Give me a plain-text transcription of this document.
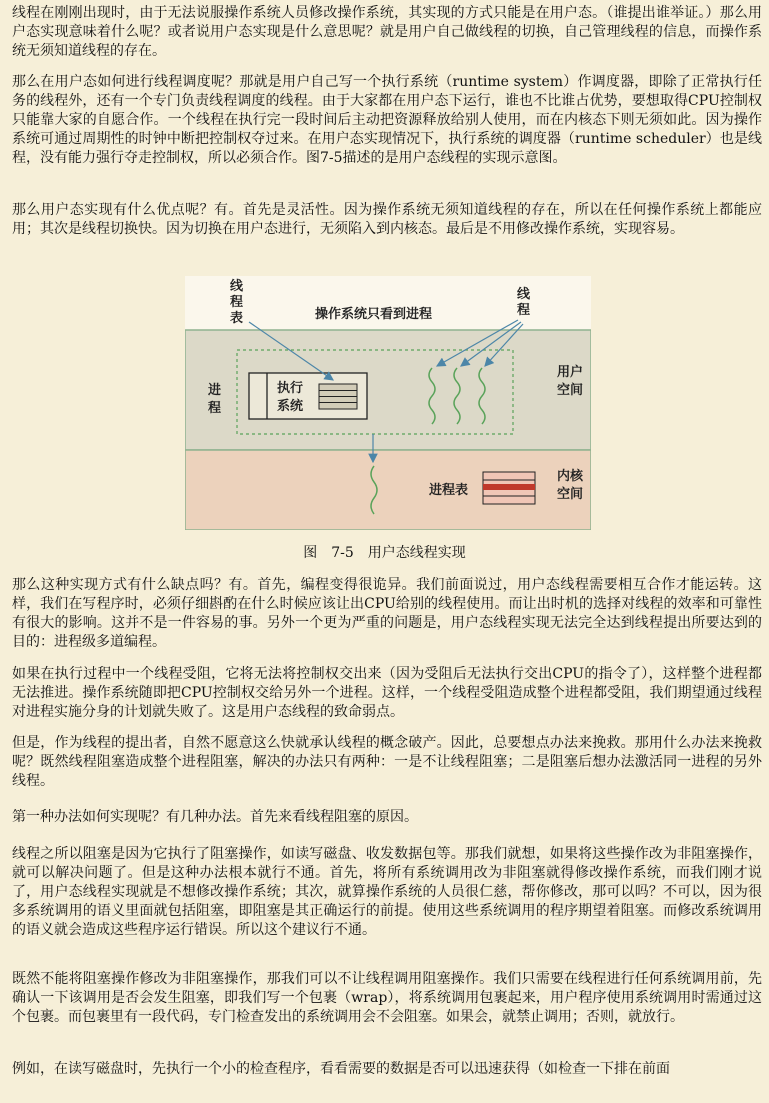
线程在刚刚出现时，由于无法说服操作系统人员修改操作系统，其实现的方式只能是在用户态。（谁提出谁举证。）那么用户态实现意味着什么呢？或者说用户态实现是什么意思呢？就是用户自己做线程的切换，自己管理线程的信息，而操作系统无须知道线程的存在。

那么在用户态如何进行线程调度呢？那就是用户自己写一个执行系统（runtime system）作调度器，即除了正常执行任务的线程外，还有一个专门负责线程调度的线程。由于大家都在用户态下运行，谁也不比谁占优势，要想取得CPU控制权只能靠大家的自愿合作。一个线程在执行完一段时间后主动把资源释放给别人使用，而在内核态下则无须如此。因为操作系统可通过周期性的时钟中断把控制权夺过来。在用户态实现情况下，执行系统的调度器（runtime scheduler）也是线程，没有能力强行夺走控制权，所以必须合作。图7-5描述的是用户态线程的实现示意图。

那么用户态实现有什么优点呢？有。首先是灵活性。因为操作系统无须知道线程的存在，所以在任何操作系统上都能应用；其次是线程切换快。因为切换在用户态进行，无须陷入到内核态。最后是不用修改操作系统，实现容易。

线程表
线程
操作系统只看到进程
进程
执行系统
用户空间
进程表
内核空间
图　7-5　用户态线程实现

那么这种实现方式有什么缺点吗？有。首先，编程变得很诡异。我们前面说过，用户态线程需要相互合作才能运转。这样，我们在写程序时，必须仔细斟酌在什么时候应该让出CPU给别的线程使用。而让出时机的选择对线程的效率和可靠性有很大的影响。这并不是一件容易的事。另外一个更为严重的问题是，用户态线程实现无法完全达到线程提出所要达到的目的：进程级多道编程。

如果在执行过程中一个线程受阻，它将无法将控制权交出来（因为受阻后无法执行交出CPU的指令了），这样整个进程都无法推进。操作系统随即把CPU控制权交给另外一个进程。这样，一个线程受阻造成整个进程都受阻，我们期望通过线程对进程实施分身的计划就失败了。这是用户态线程的致命弱点。

但是，作为线程的提出者，自然不愿意这么快就承认线程的概念破产。因此，总要想点办法来挽救。那用什么办法来挽救呢？既然线程阻塞造成整个进程阻塞，解决的办法只有两种：一是不让线程阻塞；二是阻塞后想办法激活同一进程的另外线程。

第一种办法如何实现呢？有几种办法。首先来看线程阻塞的原因。

线程之所以阻塞是因为它执行了阻塞操作，如读写磁盘、收发数据包等。那我们就想，如果将这些操作改为非阻塞操作，就可以解决问题了。但是这种办法根本就行不通。首先，将所有系统调用改为非阻塞就得修改操作系统，而我们刚才说了，用户态线程实现就是不想修改操作系统；其次，就算操作系统的人员很仁慈，帮你修改，那可以吗？不可以，因为很多系统调用的语义里面就包括阻塞，即阻塞是其正确运行的前提。使用这些系统调用的程序期望着阻塞。而修改系统调用的语义就会造成这些程序运行错误。所以这个建议行不通。

既然不能将阻塞操作修改为非阻塞操作，那我们可以不让线程调用阻塞操作。我们只需要在线程进行任何系统调用前，先确认一下该调用是否会发生阻塞，即我们写一个包裹（wrap），将系统调用包裹起来，用户程序使用系统调用时需通过这个包裹。而包裹里有一段代码，专门检查发出的系统调用会不会阻塞。如果会，就禁止调用；否则，就放行。

例如，在读写磁盘时，先执行一个小的检查程序，看看需要的数据是否可以迅速获得（如检查一下排在前面
